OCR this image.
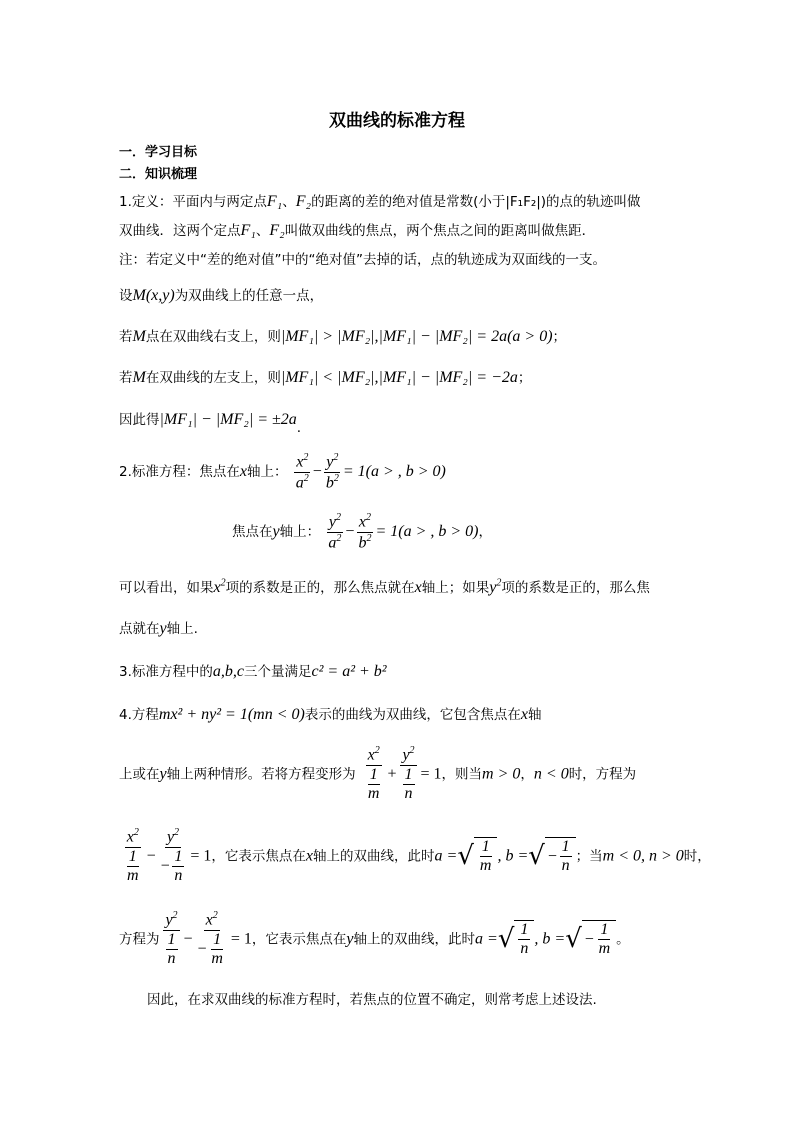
双曲线的标准方程
一．学习目标
二．知识梳理
1.定义：平面内与两定点F₁、F₂的距离的差的绝对值是常数(小于|F₁F₂|)的点的轨迹叫做
双曲线．这两个定点F₁、F₂叫做双曲线的焦点，两个焦点之间的距离叫做焦距．
注：若定义中“差的绝对值”中的“绝对值”去掉的话，点的轨迹成为双面线的一支。
设M(x,y)为双曲线上的任意一点，
若M点在双曲线右支上，则|MF₁| > |MF₂|,|MF₁| − |MF₂| = 2a(a > 0)；
若M在双曲线的左支上，则|MF₁| < |MF₂|,|MF₁| − |MF₂| = −2a；
因此得|MF₁| − |MF₂| = ±2a.
2.标准方程：焦点在x轴上： $\frac{x^2}{a^2} - \frac{y^2}{b^2} = 1(a$ > , b > 0)
焦点在y轴上： $\frac{y^2}{a^2} - \frac{x^2}{b^2} = 1(a$ > , b > 0)，
可以看出，如果$x^2$项的系数是正的，那么焦点就在x轴上；如果$y^2$项的系数是正的，那么焦
点就在y轴上.
3.标准方程中的a,b,c三个量满足c² = a² + b²
4.方程mx² + ny² = 1(mn < 0)表示的曲线为双曲线，它包含焦点在x轴
上或在y轴上两种情形。若将方程变形为 $\frac{x^2}{\frac{1}{m}} + \frac{y^2}{\frac{1}{n}} = 1$，则当m > 0，n < 0时，方程为
$\frac{x^2}{\frac{1}{m}} - \frac{y^2}{- \frac{1}{n}} = 1$，它表示焦点在x轴上的双曲线，此时a = √ $\frac{1}{m}$ , b = √ − $\frac{1}{n}$ ；当m < 0, n > 0时，
方程为 $\frac{y^2}{\frac{1}{n}} - \frac{x^2}{- \frac{1}{m}} = 1$，它表示焦点在y轴上的双曲线，此时a = √ $\frac{1}{n}$ , b = √ − $\frac{1}{m}$ 。
因此，在求双曲线的标准方程时，若焦点的位置不确定，则常考虑上述设法.
